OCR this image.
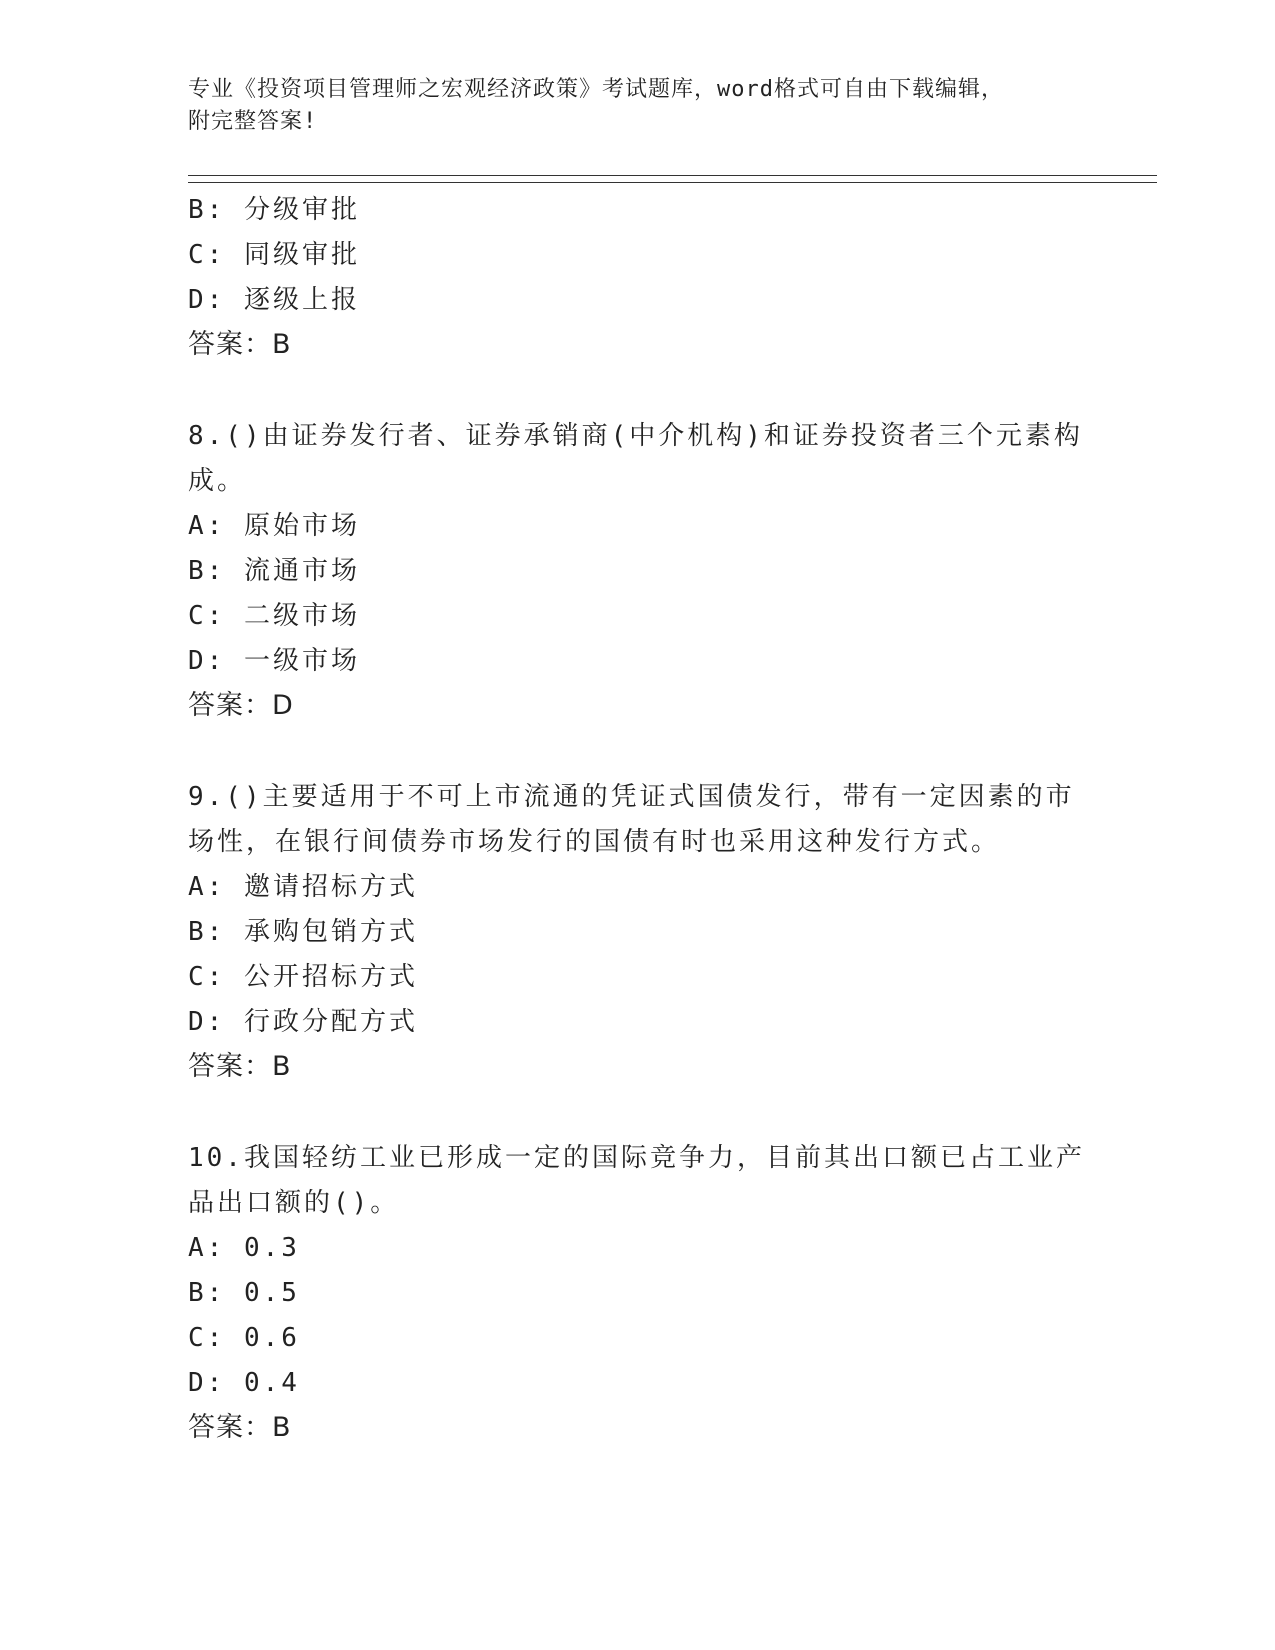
专业《投资项目管理师之宏观经济政策》考试题库，word格式可自由下载编辑，
附完整答案!
B: 分级审批
C: 同级审批
D: 逐级上报
答案：B
8.()由证券发行者、证券承销商(中介机构)和证券投资者三个元素构
成。
A: 原始市场
B: 流通市场
C: 二级市场
D: 一级市场
答案：D
9.()主要适用于不可上市流通的凭证式国债发行，带有一定因素的市
场性，在银行间债券市场发行的国债有时也采用这种发行方式。
A: 邀请招标方式
B: 承购包销方式
C: 公开招标方式
D: 行政分配方式
答案：B
10.我国轻纺工业已形成一定的国际竞争力，目前其出口额已占工业产
品出口额的()。
A: 0.3
B: 0.5
C: 0.6
D: 0.4
答案：B
